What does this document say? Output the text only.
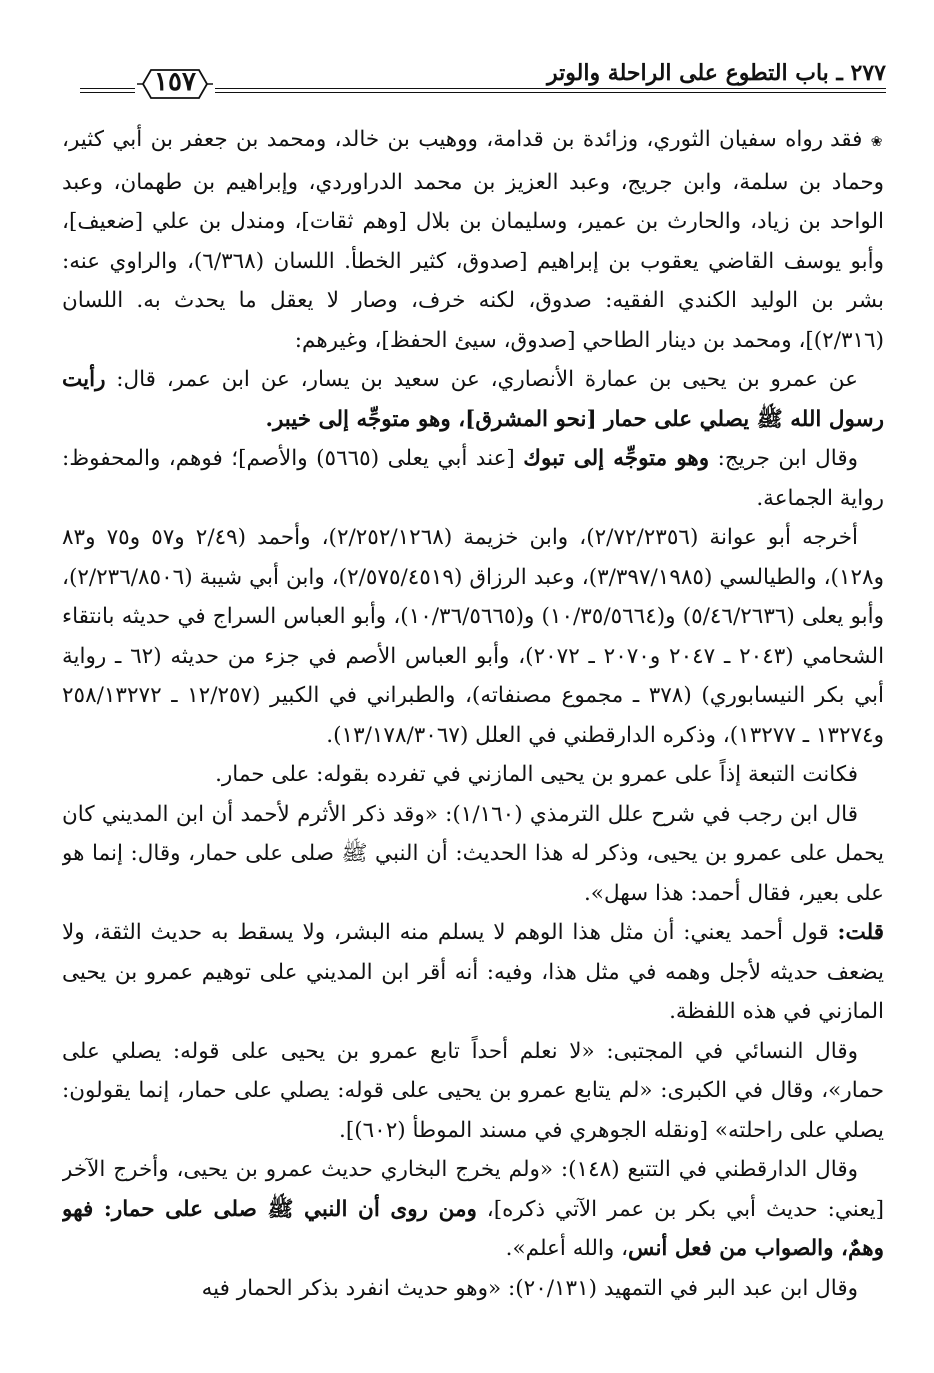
٢٧٧ ـ باب التطوع على الراحلة والوتر
١٥٧

❀ فقد رواه سفيان الثوري، وزائدة بن قدامة، ووهيب بن خالد، ومحمد بن جعفر بن أبي كثير، وحماد بن سلمة، وابن جريج، وعبد العزيز بن محمد الدراوردي، وإبراهيم بن طهمان، وعبد الواحد بن زياد، والحارث بن عمير، وسليمان بن بلال [وهم ثقات]، ومندل بن علي [ضعيف]، وأبو يوسف القاضي يعقوب بن إبراهيم [صدوق، كثير الخطأ. اللسان (٦/٣٦٨)، والراوي عنه: بشر بن الوليد الكندي الفقيه: صدوق، لكنه خرف، وصار لا يعقل ما يحدث به. اللسان (٢/٣١٦)]، ومحمد بن دينار الطاحي [صدوق، سيئ الحفظ]، وغيرهم:

عن عمرو بن يحيى بن عمارة الأنصاري، عن سعيد بن يسار، عن ابن عمر، قال: رأيت رسول الله ﷺ يصلي على حمار [نحو المشرق]، وهو متوجِّه إلى خيبر.

وقال ابن جريج: وهو متوجِّه إلى تبوك [عند أبي يعلى (٥٦٦٥) والأصم]؛ فوهم، والمحفوظ: رواية الجماعة.

أخرجه أبو عوانة (٢/٧٢/٢٣٥٦)، وابن خزيمة (٢/٢٥٢/١٢٦٨)، وأحمد (٢/٤٩ و٥٧ و٧٥ و٨٣ و١٢٨)، والطيالسي (٣/٣٩٧/١٩٨٥)، وعبد الرزاق (٢/٥٧٥/٤٥١٩)، وابن أبي شيبة (٢/٢٣٦/٨٥٠٦)، وأبو يعلى (٥/٤٦/٢٦٣٦) و(١٠/٣٥/٥٦٦٤) و(١٠/٣٦/٥٦٦٥)، وأبو العباس السراج في حديثه بانتقاء الشحامي (٢٠٤٣ ـ ٢٠٤٧ و٢٠٧٠ ـ ٢٠٧٢)، وأبو العباس الأصم في جزء من حديثه (٦٢ ـ رواية أبي بكر النيسابوري) (٣٧٨ ـ مجموع مصنفاته)، والطبراني في الكبير (١٢/٢٥٧ ـ ٢٥٨/١٣٢٧٢ و١٣٢٧٤ ـ ١٣٢٧٧)، وذكره الدارقطني في العلل (١٣/١٧٨/٣٠٦٧).

فكانت التبعة إذاً على عمرو بن يحيى المازني في تفرده بقوله: على حمار.

قال ابن رجب في شرح علل الترمذي (١/١٦٠): «وقد ذكر الأثرم لأحمد أن ابن المديني كان يحمل على عمرو بن يحيى، وذكر له هذا الحديث: أن النبي ﷺ صلى على حمار، وقال: إنما هو على بعير، فقال أحمد: هذا سهل».

قلت: قول أحمد يعني: أن مثل هذا الوهم لا يسلم منه البشر، ولا يسقط به حديث الثقة، ولا يضعف حديثه لأجل وهمه في مثل هذا، وفيه: أنه أقر ابن المديني على توهيم عمرو بن يحيى المازني في هذه اللفظة.

وقال النسائي في المجتبى: «لا نعلم أحداً تابع عمرو بن يحيى على قوله: يصلي على حمار»، وقال في الكبرى: «لم يتابع عمرو بن يحيى على قوله: يصلي على حمار، إنما يقولون: يصلي على راحلته» [ونقله الجوهري في مسند الموطأ (٦٠٢)].

وقال الدارقطني في التتبع (١٤٨): «ولم يخرج البخاري حديث عمرو بن يحيى، وأخرج الآخر [يعني: حديث أبي بكر بن عمر الآتي ذكره]، ومن روى أن النبي ﷺ صلى على حمار: فهو وهمٌ، والصواب من فعل أنس، والله أعلم».

وقال ابن عبد البر في التمهيد (٢٠/١٣١): «وهو حديث انفرد بذكر الحمار فيه
